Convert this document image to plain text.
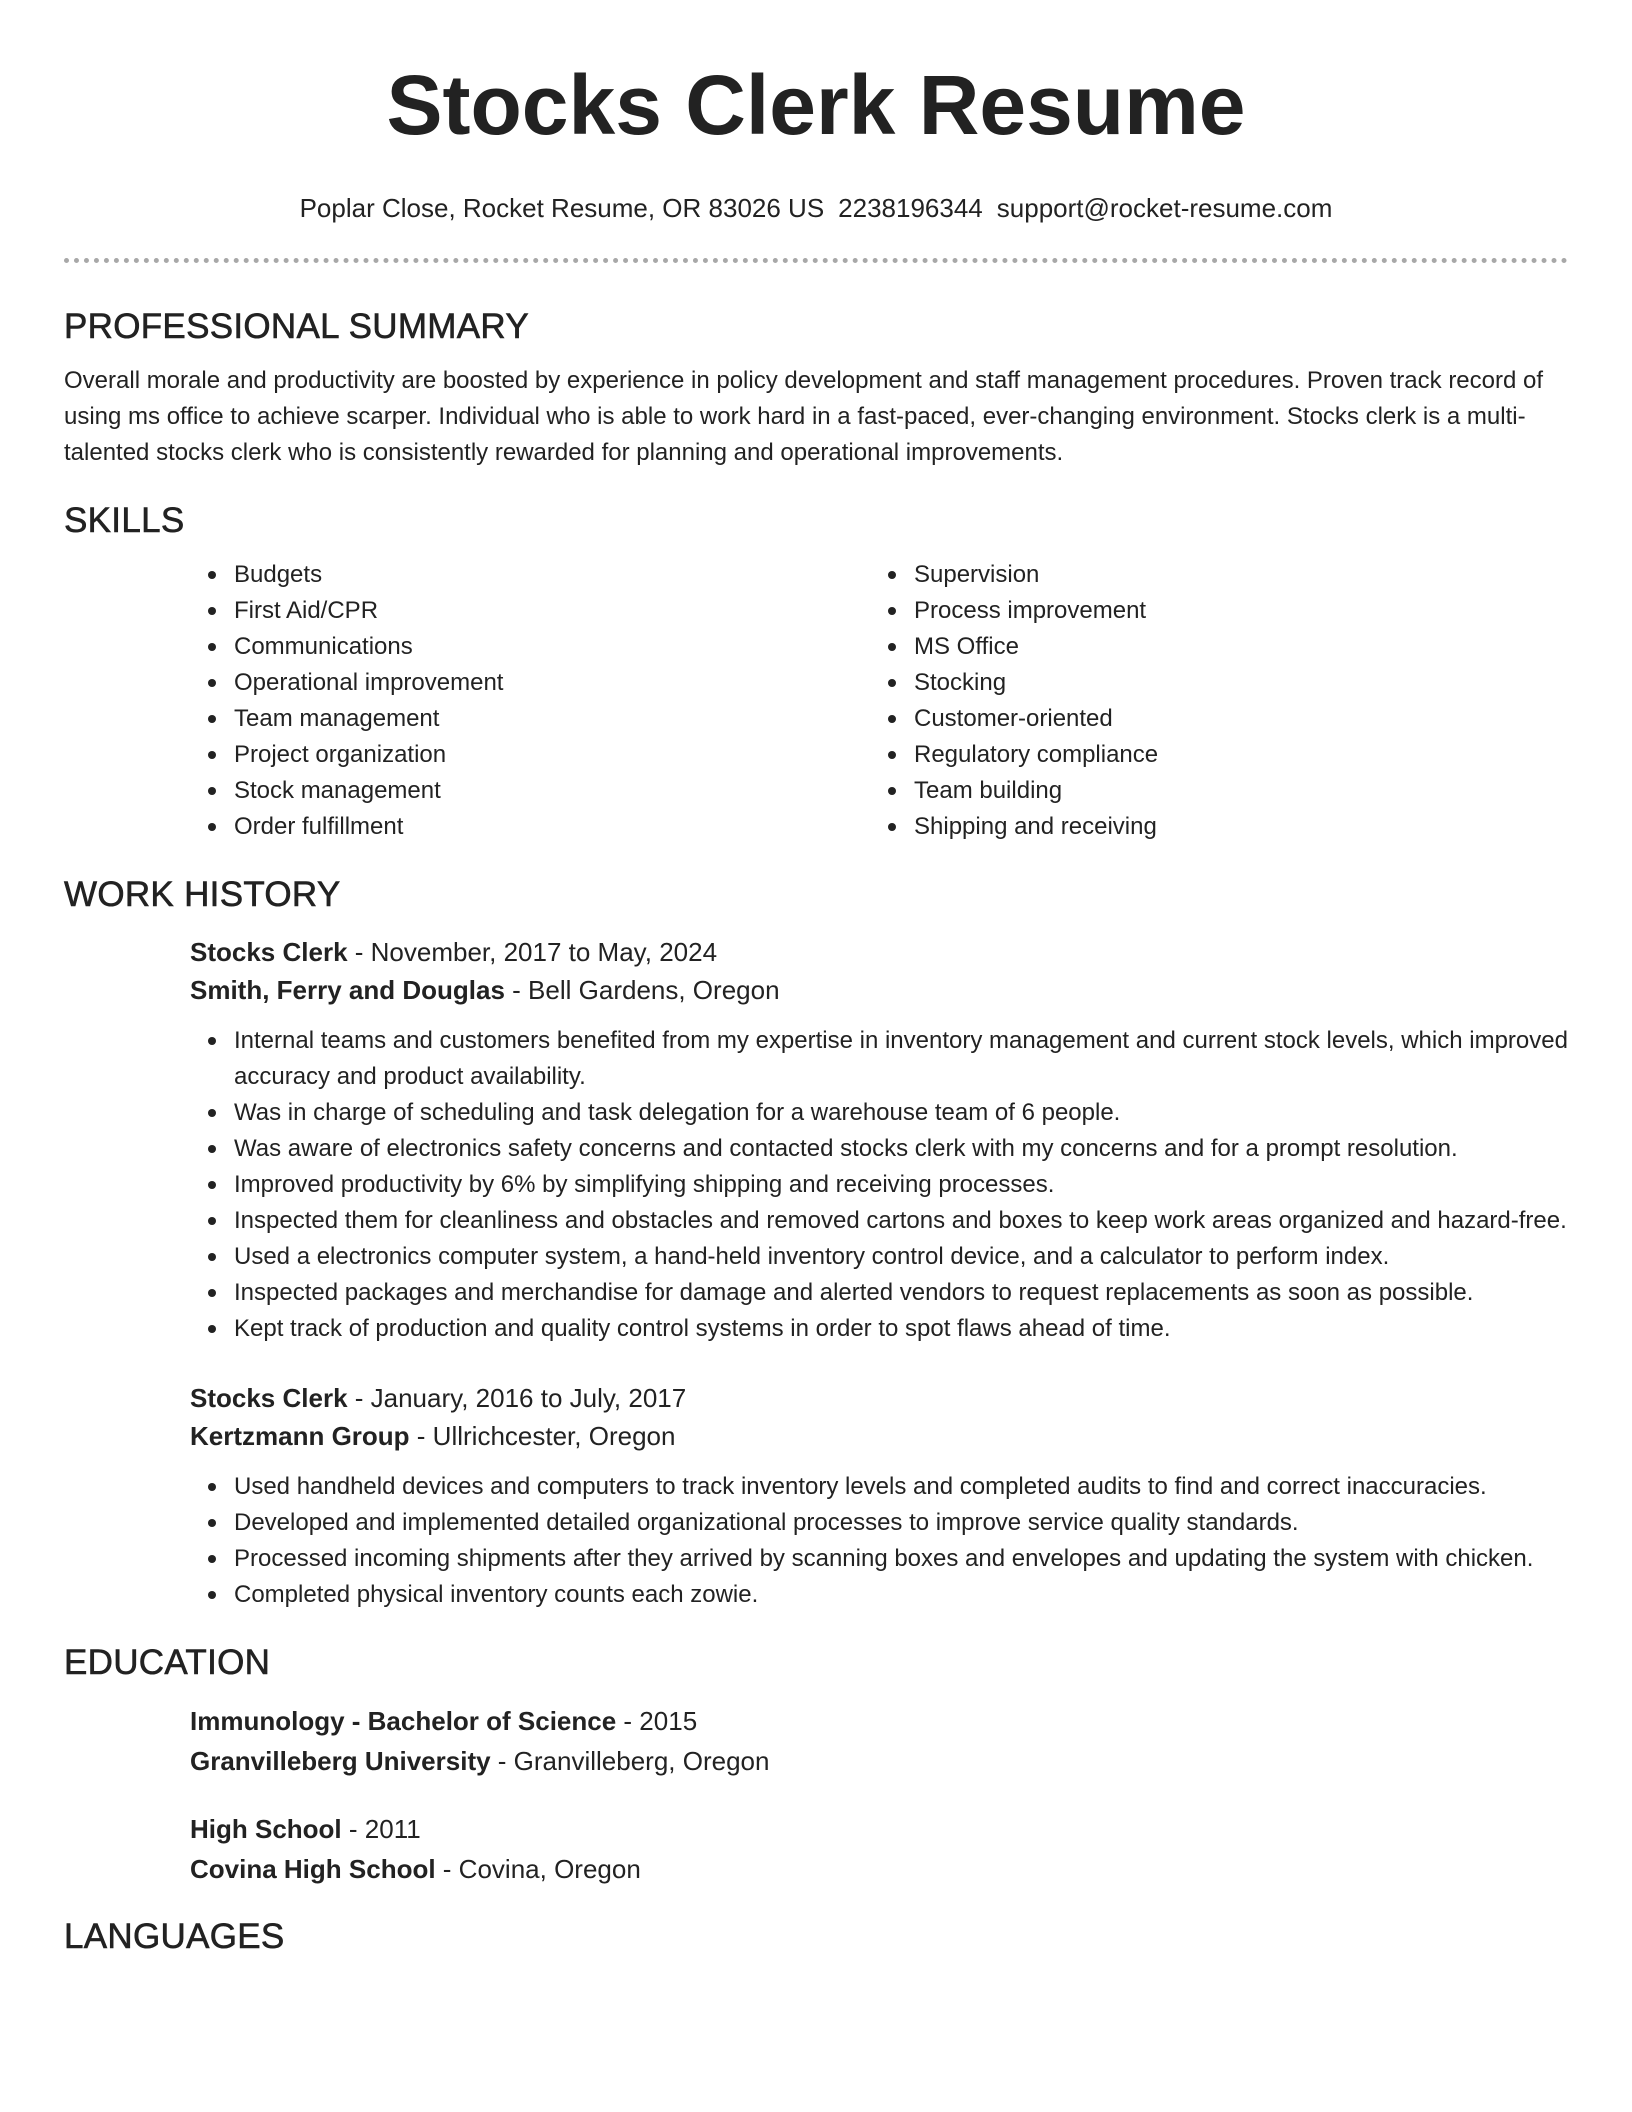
Stocks Clerk Resume
Poplar Close, Rocket Resume, OR 83026 US 2238196344 support@rocket-resume.com
PROFESSIONAL SUMMARY

Overall morale and productivity are boosted by experience in policy development and staff management procedures. Proven track record of using ms office to achieve scarper. Individual who is able to work hard in a fast-paced, ever-changing environment. Stocks clerk is a multi-talented stocks clerk who is consistently rewarded for planning and operational improvements.

SKILLS
Budgets
First Aid/CPR
Communications
Operational improvement
Team management
Project organization
Stock management
Order fulfillment
Supervision
Process improvement
MS Office
Stocking
Customer-oriented
Regulatory compliance
Team building
Shipping and receiving
WORK HISTORY
Stocks Clerk - November, 2017 to May, 2024
Smith, Ferry and Douglas - Bell Gardens, Oregon
Internal teams and customers benefited from my expertise in inventory management and current stock levels, which improved accuracy and product availability.
Was in charge of scheduling and task delegation for a warehouse team of 6 people.
Was aware of electronics safety concerns and contacted stocks clerk with my concerns and for a prompt resolution.
Improved productivity by 6% by simplifying shipping and receiving processes.
Inspected them for cleanliness and obstacles and removed cartons and boxes to keep work areas organized and hazard-free.
Used a electronics computer system, a hand-held inventory control device, and a calculator to perform index.
Inspected packages and merchandise for damage and alerted vendors to request replacements as soon as possible.
Kept track of production and quality control systems in order to spot flaws ahead of time.
Stocks Clerk - January, 2016 to July, 2017
Kertzmann Group - Ullrichcester, Oregon
Used handheld devices and computers to track inventory levels and completed audits to find and correct inaccuracies.
Developed and implemented detailed organizational processes to improve service quality standards.
Processed incoming shipments after they arrived by scanning boxes and envelopes and updating the system with chicken.
Completed physical inventory counts each zowie.
EDUCATION
Immunology - Bachelor of Science - 2015
Granvilleberg University - Granvilleberg, Oregon
High School - 2011
Covina High School - Covina, Oregon
LANGUAGES
